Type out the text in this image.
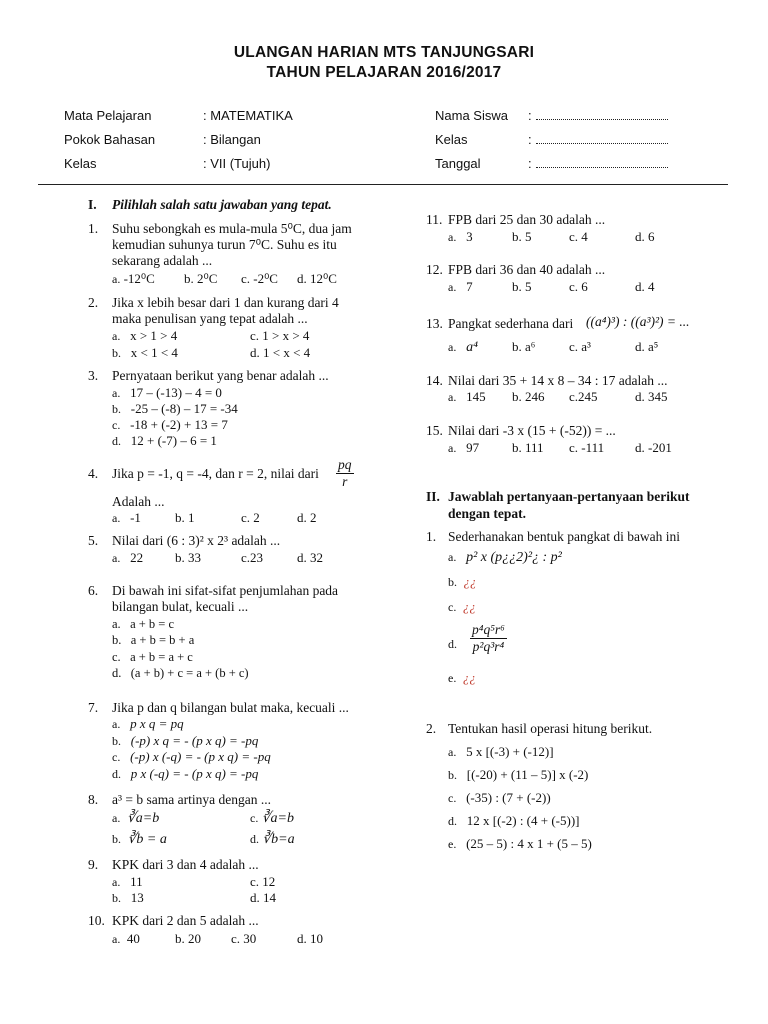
ULANGAN HARIAN MTS TANJUNGSARI
TAHUN PELAJARAN 2016/2017
Mata Pelajaran	: MATEMATIKA
Pokok Bahasan	: Bilangan
Kelas	: VII (Tujuh)
Nama Siswa :
Kelas	:
Tanggal	:
I. Pilihlah salah satu jawaban yang tepat.
1. Suhu sebongkah es mula-mula 5⁰C, dua jam
kemudian suhunya turun 7⁰C. Suhu es itu
sekarang adalah ...
a. -12⁰C b. 2⁰C c. -2⁰C d. 12⁰C
2. Jika x lebih besar dari 1 dan kurang dari 4
maka penulisan yang tepat adalah ...
a. x > 1 > 4	c. 1 > x > 4
b. x < 1 < 4	d. 1 < x < 4
3. Pernyataan berikut yang benar adalah ...
a. 17 – (-13) – 4 = 0
b. -25 – (-8) – 17 = -34
c. -18 + (-2) + 13 = 7
d. 12 + (-7) – 6 = 1
4. Jika p = -1, q = -4, dan r = 2, nilai dari $\frac{pq}{r}$
Adalah ...
a. -1	b. 1	c. 2	d. 2
5. Nilai dari (6 : 3)² x 2³ adalah ...
a. 22 b. 33	c.23	d. 32
6. Di bawah ini sifat-sifat penjumlahan pada
bilangan bulat, kecuali ...
a. a + b = c
b. a + b = b + a
c. a + b = a + c
d. (a + b) + c = a + (b + c)
7. Jika p dan q bilangan bulat maka, kecuali ...
a. p x q = pq
b. (-p) x q = - (p x q) = -pq
c. (-p) x (-q) = - (p x q) = -pq
d. p x (-q) = - (p x q) = -pq
8. a³ = b sama artinya dengan ...
a. ∛a=b	c. ∛a=b
b. ∛b = a	d. ∛b=a
9. KPK dari 3 dan 4 adalah ...
a. 11	c. 12
b. 13	d. 14
10. KPK dari 2 dan 5 adalah ...
a. 40	b. 20 c. 30	d. 10
11. FPB dari 25 dan 30 adalah ...
a. 3	b. 5	c. 4	d. 6
12. FPB dari 36 dan 40 adalah ...
a. 7	b. 5	c. 6	d. 4
13. Pangkat sederhana dari ((a⁴)³) : ((a³)²) = ...
a. a⁴	b. a⁶	c. a³	d. a⁵
14. Nilai dari 35 + 14 x 8 – 34 : 17 adalah ...
a. 145 b. 246 c.245	d. 345
15. Nilai dari -3 x (15 + (-52)) = ...
a. 97	b. 111 c. -111 d. -201
II. Jawablah pertanyaan-pertanyaan berikut
dengan tepat.
1. Sederhanakan bentuk pangkat di bawah ini
a. p² x (p¿¿2)²¿ : p²
b. ¿¿
c. ¿¿
d. $\frac{\text{p⁴q⁵r⁶}}{\text{p²q³r⁴}}$
e. ¿¿
2. Tentukan hasil operasi hitung berikut.
a. 5 x [(-3) + (-12)]
b. [(-20) + (11 – 5)] x (-2)
c. (-35) : (7 + (-2))
d. 12 x [(-2) : (4 + (-5))]
e. (25 – 5) : 4 x 1 + (5 – 5)
